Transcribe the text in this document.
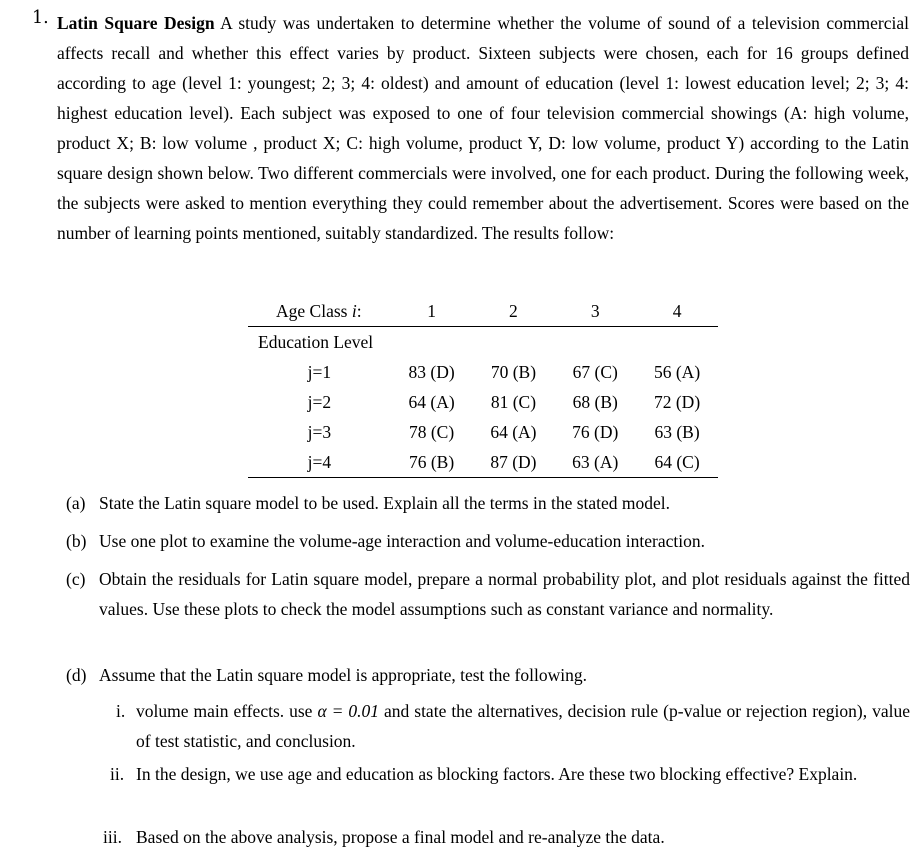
1. Latin Square Design A study was undertaken to determine whether the volume of sound of a television commercial affects recall and whether this effect varies by product. Sixteen subjects were chosen, each for 16 groups defined according to age (level 1: youngest; 2; 3; 4: oldest) and amount of education (level 1: lowest education level; 2; 3; 4: highest education level). Each subject was exposed to one of four television commercial showings (A: high volume, product X; B: low volume , product X; C: high volume, product Y, D: low volume, product Y) according to the Latin square design shown below. Two different commercials were involved, one for each product. During the following week, the subjects were asked to mention everything they could remember about the advertisement. Scores were based on the number of learning points mentioned, suitably standardized. The results follow:
Age Class i:	1	2	3	4
Education Level				
j=1	83 (D)	70 (B)	67 (C)	56 (A)
j=2	64 (A)	81 (C)	68 (B)	72 (D)
j=3	78 (C)	64 (A)	76 (D)	63 (B)
j=4	76 (B)	87 (D)	63 (A)	64 (C)
(a) State the Latin square model to be used. Explain all the terms in the stated model.
(b) Use one plot to examine the volume-age interaction and volume-education interaction.
(c) Obtain the residuals for Latin square model, prepare a normal probability plot, and plot residuals against the fitted values. Use these plots to check the model assumptions such as constant variance and normality.
(d) Assume that the Latin square model is appropriate, test the following.
i. volume main effects. use α = 0.01 and state the alternatives, decision rule (p-value or rejection region), value of test statistic, and conclusion.
ii. In the design, we use age and education as blocking factors. Are these two blocking effective? Explain.
iii. Based on the above analysis, propose a final model and re-analyze the data.
